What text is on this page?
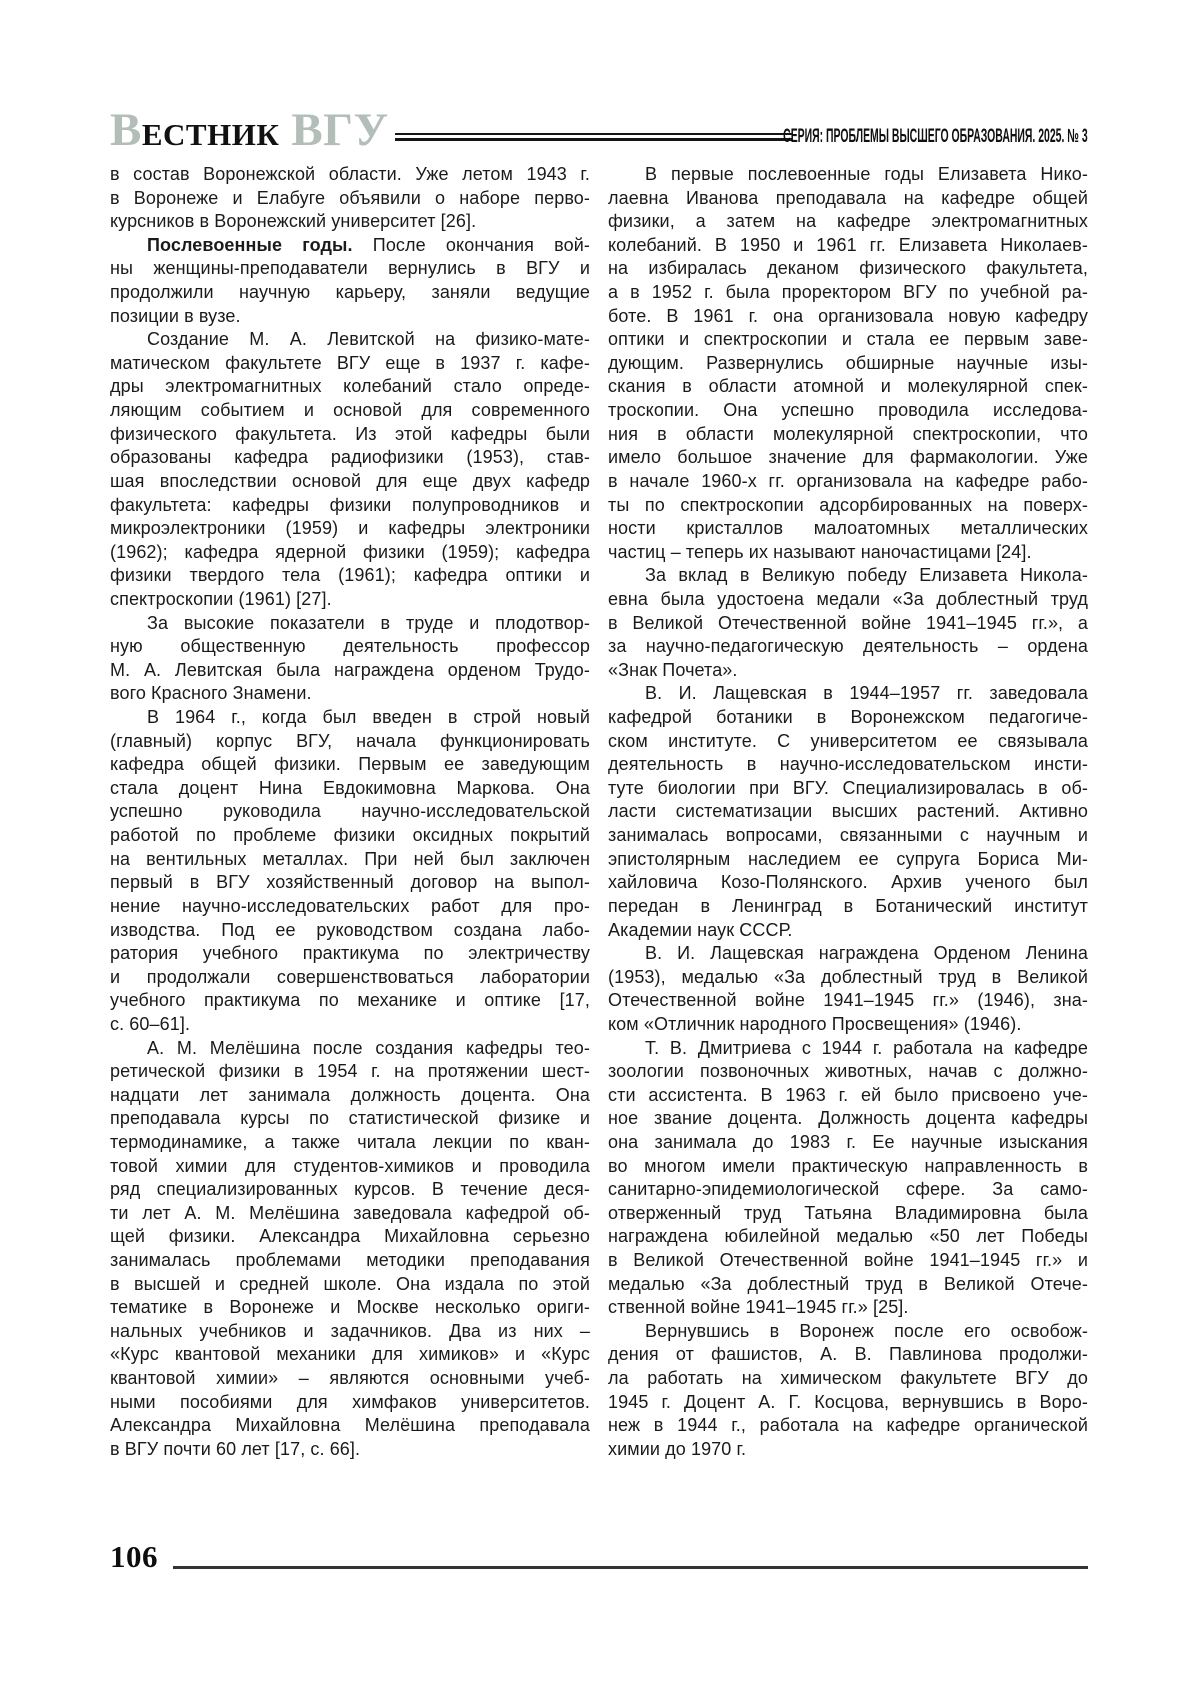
В ЕСТНИК ВГУ	СЕРИЯ: ПРОБЛЕМЫ ВЫСШЕГО ОБРАЗОВАНИЯ. 2025. № 3
в состав Воронежской области. Уже летом 1943 г.
в Воронеже и Елабуге объявили о наборе перво-
курсников в Воронежский университет [26].
Послевоенные годы. После окончания вой-
ны женщины-преподаватели вернулись в ВГУ и
продолжили научную карьеру, заняли ведущие
позиции в вузе.
Создание М. А. Левитской на физико-мате-
матическом факультете ВГУ еще в 1937 г. кафе-
дры электромагнитных колебаний стало опреде-
ляющим событием и основой для современного
физического факультета. Из этой кафедры были
образованы кафедра радиофизики (1953), став-
шая впоследствии основой для еще двух кафедр
факультета: кафедры физики полупроводников и
микроэлектроники (1959) и кафедры электроники
(1962); кафедра ядерной физики (1959); кафедра
физики твердого тела (1961); кафедра оптики и
спектроскопии (1961) [27].
За высокие показатели в труде и плодотвор-
ную общественную деятельность профессор
М. А. Левитская была награждена орденом Трудо-
вого Красного Знамени.
В 1964 г., когда был введен в строй новый
(главный) корпус ВГУ, начала функционировать
кафедра общей физики. Первым ее заведующим
стала доцент Нина Евдокимовна Маркова. Она
успешно руководила научно-исследовательской
работой по проблеме физики оксидных покрытий
на вентильных металлах. При ней был заключен
первый в ВГУ хозяйственный договор на выпол-
нение научно-исследовательских работ для про-
изводства. Под ее руководством создана лабо-
ратория учебного практикума по электричеству
и продолжали совершенствоваться лаборатории
учебного практикума по механике и оптике [17,
с. 60–61].
А. М. Мелёшина после создания кафедры тео-
ретической физики в 1954 г. на протяжении шест-
надцати лет занимала должность доцента. Она
преподавала курсы по статистической физике и
термодинамике, а также читала лекции по кван-
товой химии для студентов-химиков и проводила
ряд специализированных курсов. В течение деся-
ти лет А. М. Мелёшина заведовала кафедрой об-
щей физики. Александра Михайловна серьезно
занималась проблемами методики преподавания
в высшей и средней школе. Она издала по этой
тематике в Воронеже и Москве несколько ориги-
нальных учебников и задачников. Два из них –
«Курс квантовой механики для химиков» и «Курс
квантовой химии» – являются основными учеб-
ными пособиями для химфаков университетов.
Александра Михайловна Мелёшина преподавала
в ВГУ почти 60 лет [17, с. 66].
В первые послевоенные годы Елизавета Нико-
лаевна Иванова преподавала на кафедре общей
физики, а затем на кафедре электромагнитных
колебаний. В 1950 и 1961 гг. Елизавета Николаев-
на избиралась деканом физического факультета,
а в 1952 г. была проректором ВГУ по учебной ра-
боте. В 1961 г. она организовала новую кафедру
оптики и спектроскопии и стала ее первым заве-
дующим. Развернулись обширные научные изы-
скания в области атомной и молекулярной спек-
троскопии. Она успешно проводила исследова-
ния в области молекулярной спектроскопии, что
имело большое значение для фармакологии. Уже
в начале 1960-х гг. организовала на кафедре рабо-
ты по спектроскопии адсорбированных на поверх-
ности кристаллов малоатомных металлических
частиц – теперь их называют наночастицами [24].
За вклад в Великую победу Елизавета Никола-
евна была удостоена медали «За доблестный труд
в Великой Отечественной войне 1941–1945 гг.», а
за научно-педагогическую деятельность – ордена
«Знак Почета».
В. И. Лащевская в 1944–1957 гг. заведовала
кафедрой ботаники в Воронежском педагогиче-
ском институте. С университетом ее связывала
деятельность в научно-исследовательском инсти-
туте биологии при ВГУ. Специализировалась в об-
ласти систематизации высших растений. Активно
занималась вопросами, связанными с научным и
эпистолярным наследием ее супруга Бориса Ми-
хайловича Козо-Полянского. Архив ученого был
передан в Ленинград в Ботанический институт
Академии наук СССР.
В. И. Лащевская награждена Орденом Ленина
(1953), медалью «За доблестный труд в Великой
Отечественной войне 1941–1945 гг.» (1946), зна-
ком «Отличник народного Просвещения» (1946).
Т. В. Дмитриева с 1944 г. работала на кафедре
зоологии позвоночных животных, начав с должно-
сти ассистента. В 1963 г. ей было присвоено уче-
ное звание доцента. Должность доцента кафедры
она занимала до 1983 г. Ее научные изыскания
во многом имели практическую направленность в
санитарно-эпидемиологической сфере. За само-
отверженный труд Татьяна Владимировна была
награждена юбилейной медалью «50 лет Победы
в Великой Отечественной войне 1941–1945 гг.» и
медалью «За доблестный труд в Великой Отече-
ственной войне 1941–1945 гг.» [25].
Вернувшись в Воронеж после его освобож-
дения от фашистов, А. В. Павлинова продолжи-
ла работать на химическом факультете ВГУ до
1945 г. Доцент А. Г. Косцова, вернувшись в Воро-
неж в 1944 г., работала на кафедре органической
химии до 1970 г.
106
